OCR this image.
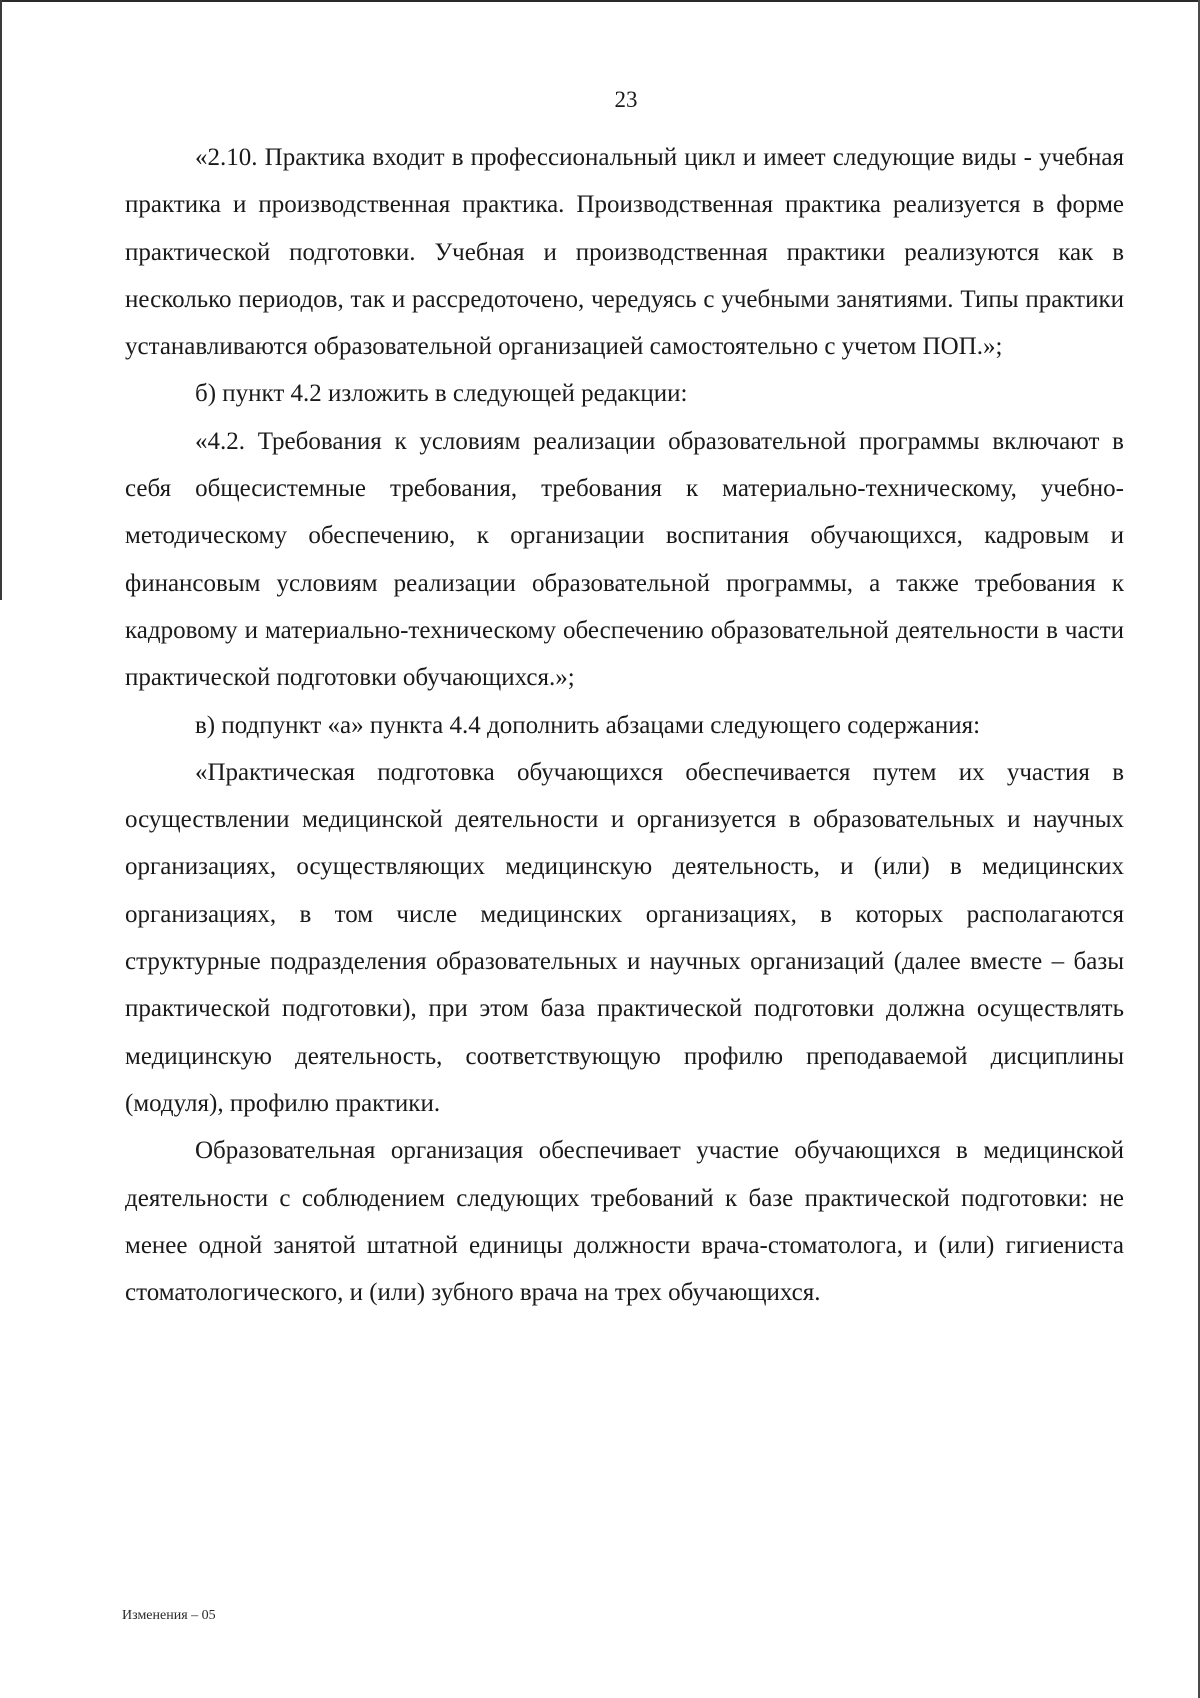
23

«2.10. Практика входит в профессиональный цикл и имеет следующие виды - учебная практика и производственная практика. Производственная практика реализуется в форме практической подготовки. Учебная и производственная практики реализуются как в несколько периодов, так и рассредоточено, чередуясь с учебными занятиями. Типы практики устанавливаются образовательной организацией самостоятельно с учетом ПОП.»;

б) пункт 4.2 изложить в следующей редакции:

«4.2. Требования к условиям реализации образовательной программы включают в себя общесистемные требования, требования к материально-техническому, учебно-методическому обеспечению, к организации воспитания обучающихся, кадровым и финансовым условиям реализации образовательной программы, а также требования к кадровому и материально-техническому обеспечению образовательной деятельности в части практической подготовки обучающихся.»;

в) подпункт «а» пункта 4.4 дополнить абзацами следующего содержания:

«Практическая подготовка обучающихся обеспечивается путем их участия в осуществлении медицинской деятельности и организуется в образовательных и научных организациях, осуществляющих медицинскую деятельность, и (или) в медицинских организациях, в том числе медицинских организациях, в которых располагаются структурные подразделения образовательных и научных организаций (далее вместе – базы практической подготовки), при этом база практической подготовки должна осуществлять медицинскую деятельность, соответствующую профилю преподаваемой дисциплины (модуля), профилю практики.

Образовательная организация обеспечивает участие обучающихся в медицинской деятельности с соблюдением следующих требований к базе практической подготовки: не менее одной занятой штатной единицы должности врача-стоматолога, и (или) гигиениста стоматологического, и (или) зубного врача на трех обучающихся.

Изменения – 05
